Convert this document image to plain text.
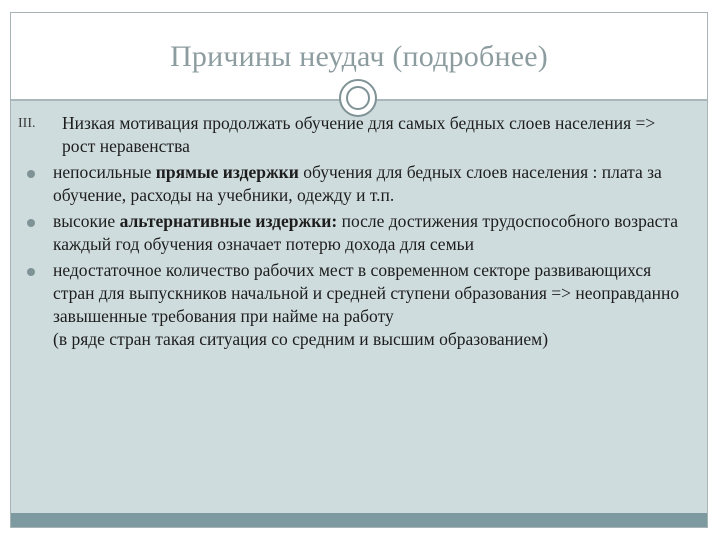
Причины неудач (подробнее)
III. Низкая мотивация продолжать обучение для самых бедных слоев населения => рост неравенства
непосильные прямые издержки обучения для бедных слоев населения : плата за обучение, расходы на учебники, одежду и т.п.
высокие альтернативные издержки: после достижения трудоспособного возраста каждый год обучения означает потерю дохода для семьи
недостаточное количество рабочих мест в современном секторе развивающихся стран для выпускников начальной и средней ступени образования => неоправданно завышенные требования при найме на работу
(в ряде стран такая ситуация со средним и высшим образованием)
